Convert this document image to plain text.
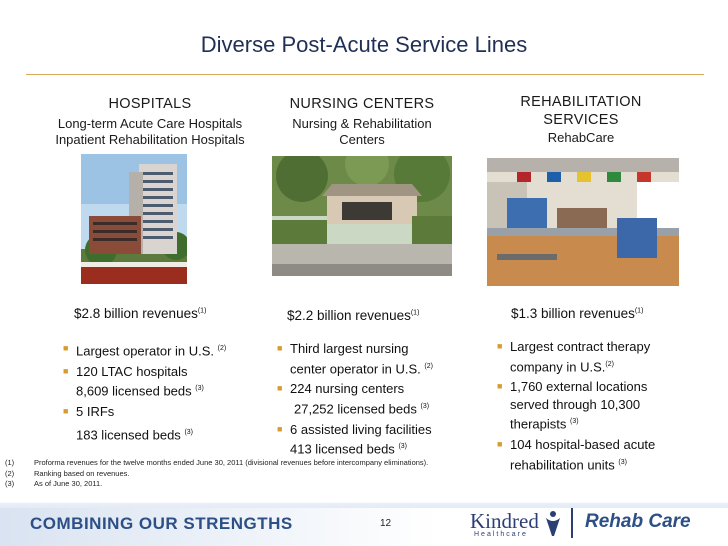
Diverse Post-Acute Service Lines
HOSPITALS
Long-term Acute Care Hospitals
Inpatient Rehabilitation Hospitals
NURSING CENTERS
Nursing & Rehabilitation
Centers
REHABILITATION
SERVICES
RehabCare
$2.8 billion revenues$^{(1)}$	$2.2 billion revenues$^{(1)}$	$1.3 billion revenues$^{(1)}$
■ Largest operator in U.S. $^{(2)}$
■ 120 LTAC hospitals
8,609 licensed beds $^{(3)}$
■ 5 IRFs
183 licensed beds $^{(3)}$
■ Third largest nursing
center operator in U.S. $^{(2)}$
■ 224 nursing centers
27,252 licensed beds $^{(3)}$
■ 6 assisted living facilities
413 licensed beds $^{(3)}$
■ Largest contract therapy
company in U.S.$^{(2)}$
■ 1,760 external locations
served through 10,300
therapists $^{(3)}$
■ 104 hospital-based acute
rehabilitation units $^{(3)}$
(1)	Proforma revenues for the twelve months ended June 30, 2011 (divisional revenues before intercompany eliminations).
(2)	Ranking based on revenues.
(3)	As of June 30, 2011.
COMBINING OUR STRENGTHS	12	Kindred
Healthcare
Rehab Care
